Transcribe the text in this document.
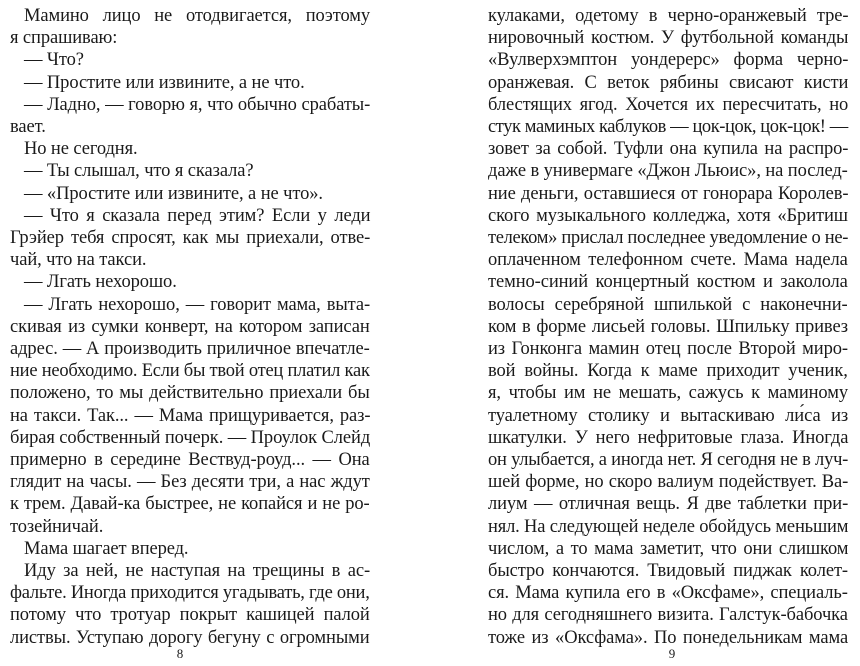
Мамино лицо не отодвигается, поэтому
я спрашиваю:
— Что?
— Простите или извините, а не что.
— Ладно, — говорю я, что обычно срабаты-
вает.
Но не сегодня.
— Ты слышал, что я сказала?
— «Простите или извините, а не что».
— Что я сказала перед этим? Если у леди
Грэйер тебя спросят, как мы приехали, отве-
чай, что на такси.
— Лгать нехорошо.
— Лгать нехорошо, — говорит мама, выта-
скивая из сумки конверт, на котором записан
адрес. — А производить приличное впечатле-
ние необходимо. Если бы твой отец платил как
положено, то мы действительно приехали бы
на такси. Так... — Мама прищуривается, раз-
бирая собственный почерк. — Проулок Слейд
примерно в середине Вествуд-роуд... — Она
глядит на часы. — Без десяти три, а нас ждут
к трем. Давай-ка быстрее, не копайся и не ро-
тозейничай.
Мама шагает вперед.
Иду за ней, не наступая на трещины в ас-
фальте. Иногда приходится угадывать, где они,
потому что тротуар покрыт кашицей палой
листвы. Уступаю дорогу бегуну с огромными
8
кулаками, одетому в черно-оранжевый тре-
нировочный костюм. У футбольной команды
«Вулверхэмптон уондерерс» форма черно-
оранжевая. С веток рябины свисают кисти
блестящих ягод. Хочется их пересчитать, но
стук маминых каблуков — цок-цок, цок-цок! —
зовет за собой. Туфли она купила на распро-
даже в универмаге «Джон Льюис», на послед-
ние деньги, оставшиеся от гонорара Королев-
ского музыкального колледжа, хотя «Бритиш
телеком» прислал последнее уведомление о не-
оплаченном телефонном счете. Мама надела
темно-синий концертный костюм и заколола
волосы серебряной шпилькой с наконечни-
ком в форме лисьей головы. Шпильку привез
из Гонконга мамин отец после Второй миро-
вой войны. Когда к маме приходит ученик,
я, чтобы им не мешать, сажусь к маминому
туалетному столику и вытаскиваю ли́са из
шкатулки. У него нефритовые глаза. Иногда
он улыбается, а иногда нет. Я сегодня не в луч-
шей форме, но скоро валиум подействует. Ва-
лиум — отличная вещь. Я две таблетки при-
нял. На следующей неделе обойдусь меньшим
числом, а то мама заметит, что они слишком
быстро кончаются. Твидовый пиджак колет-
ся. Мама купила его в «Оксфаме», специаль-
но для сегодняшнего визита. Галстук-бабочка
тоже из «Оксфама». По понедельникам мама
9
